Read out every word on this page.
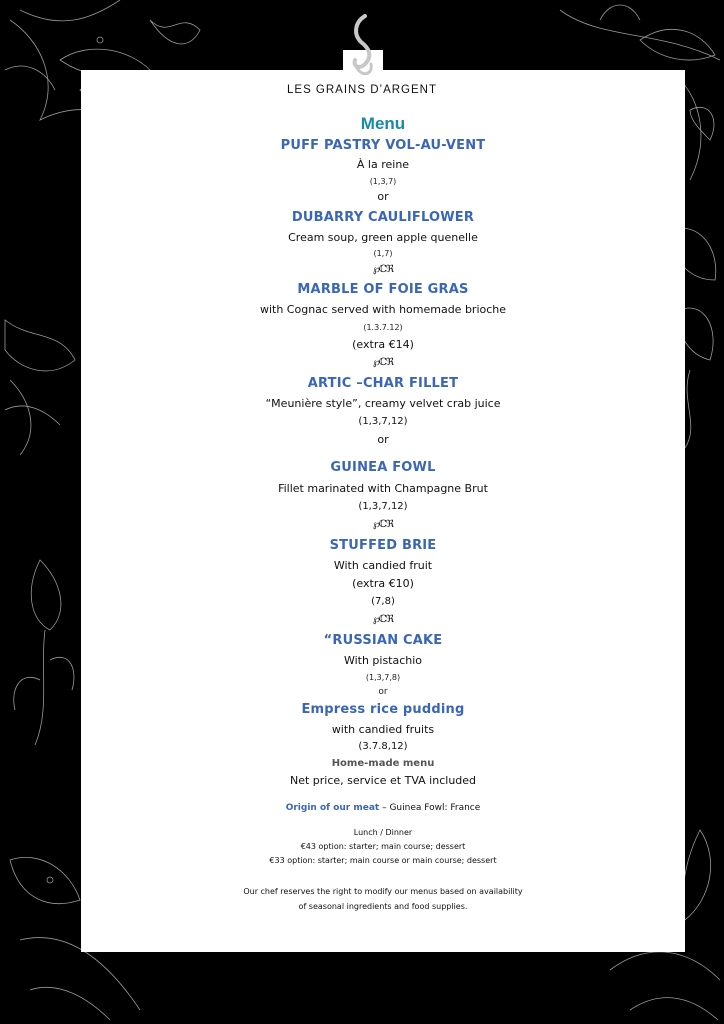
LES GRAINS D’ARGENT
Menu
PUFF PASTRY VOL-AU-VENT
À la reine
(1,3,7)
or
DUBARRY CAULIFLOWER
Cream soup, green apple quenelle
(1,7)
℘ℂℜ
MARBLE OF FOIE GRAS
with Cognac served with homemade brioche
(1.3.7.12)
(extra €14)
℘ℂℜ
ARTIC –CHAR FILLET
“Meunière style”, creamy velvet crab juice
(1,3,7,12)
or
GUINEA FOWL
Fillet marinated with Champagne Brut
(1,3,7,12)
℘ℂℜ
STUFFED BRIE
With candied fruit
(extra €10)
(7,8)
℘ℂℜ
“RUSSIAN CAKE
With pistachio
(1,3,7,8)
or
Empress rice pudding
with candied fruits
(3.7.8,12)
Home-made menu
Net price, service et TVA included
Origin of our meat – Guinea Fowl: France
Lunch / Dinner
€43 option: starter; main course; dessert
€33 option: starter; main course or main course; dessert
Our chef reserves the right to modify our menus based on availability
of seasonal ingredients and food supplies.
